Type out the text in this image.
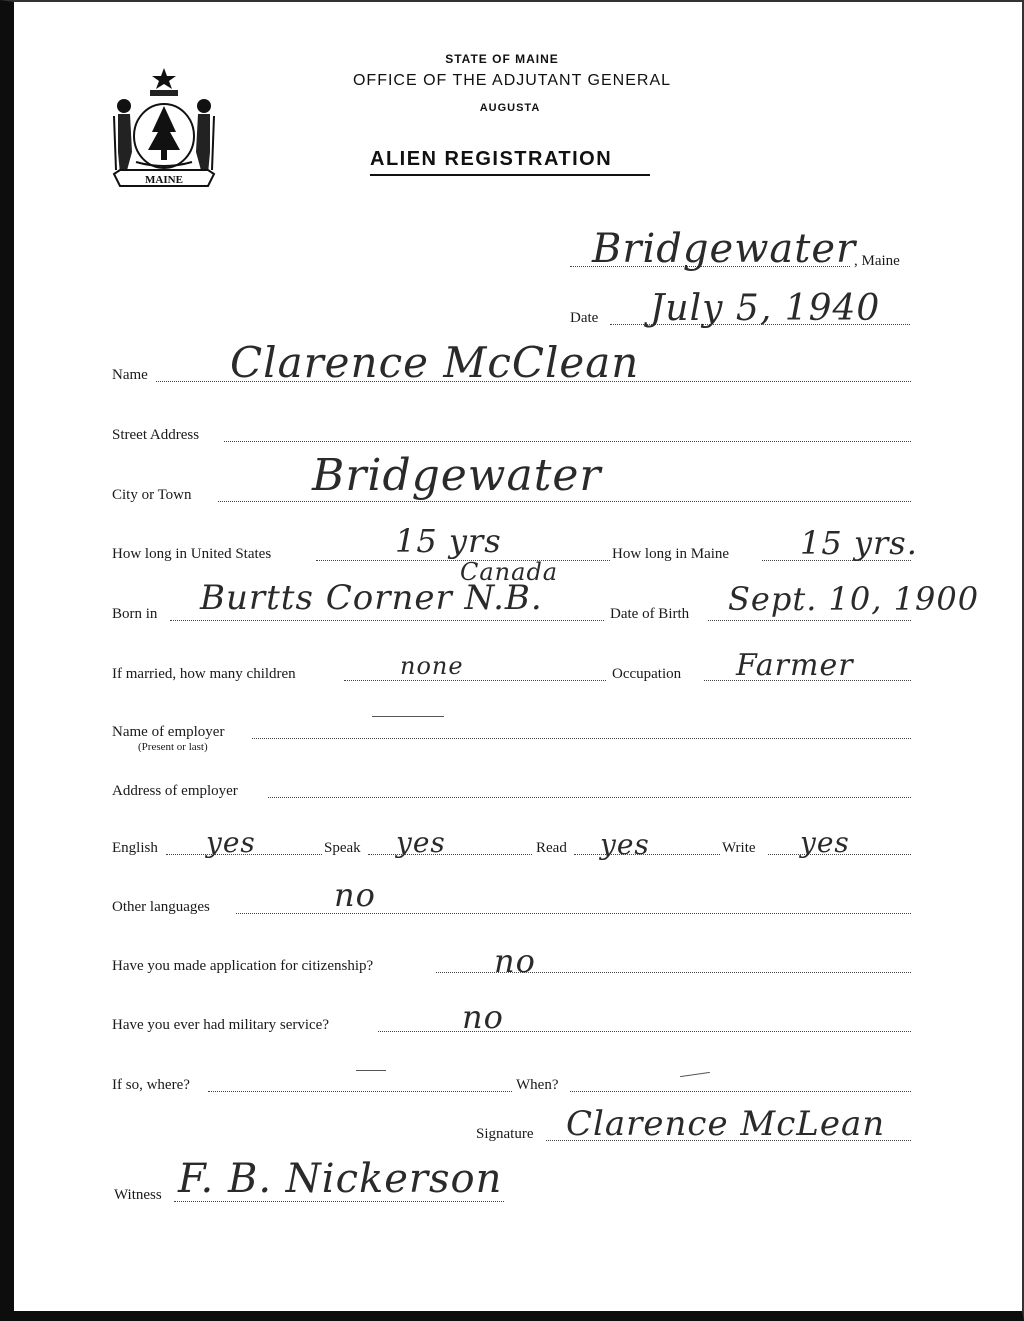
MAINE
STATE OF MAINE
OFFICE OF THE ADJUTANT GENERAL
AUGUSTA
ALIEN REGISTRATION
Bridgewater
, Maine
Date July 5, 1940
Name Clarence McClean
Street Address
City or Town	Bridgewater
How long in United States	15 yrs	How long in Maine 15 yrs.
Canada
Born in Burtts Corner N.B.	Date of Birth Sept. 10, 1900
If married, how many children	none	Occupation Farmer
Name of employer
(Present or last)
Address of employer
English yes	Speak yes	Read yes	Write yes
Other languages	no
Have you made application for citizenship?	no
Have you ever had military service?	no
If so, where?	When?
Signature Clarence McLean
Witness F. B. Nickerson
